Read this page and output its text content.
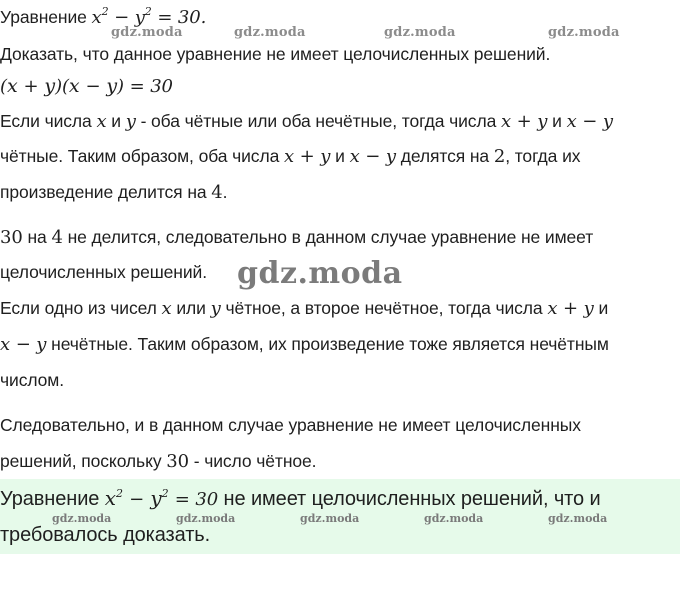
gdz.moda	gdz.moda	gdz.moda	gdz.moda
Уравнение $x^2 - y^2 = 30$.
Доказать, что данное уравнение не имеет целочисленных решений.
(x + y)(x − y) = 30
Если числа x и y - оба чётные или оба нечётные, тогда числа x + y и x − y
чётные. Таким образом, оба числа x + y и x − y делятся на 2, тогда их
произведение делится на 4.
30 на 4 не делится, следовательно в данном случае уравнение не имеет
целочисленных решений. gdz.moda
Если одно из чисел x или y чётное, а второе нечётное, тогда числа x + y и
x − y нечётные. Таким образом, их произведение тоже является нечётным
числом.
Следовательно, и в данном случае уравнение не имеет целочисленных
решений, поскольку 30 - число чётное.
Уравнение $x^2 - y^2 = 30$ не имеет целочисленных решений, что и
gdz.moda	gdz.moda	gdz.moda	gdz.moda	gdz.moda
требовалось доказать.
